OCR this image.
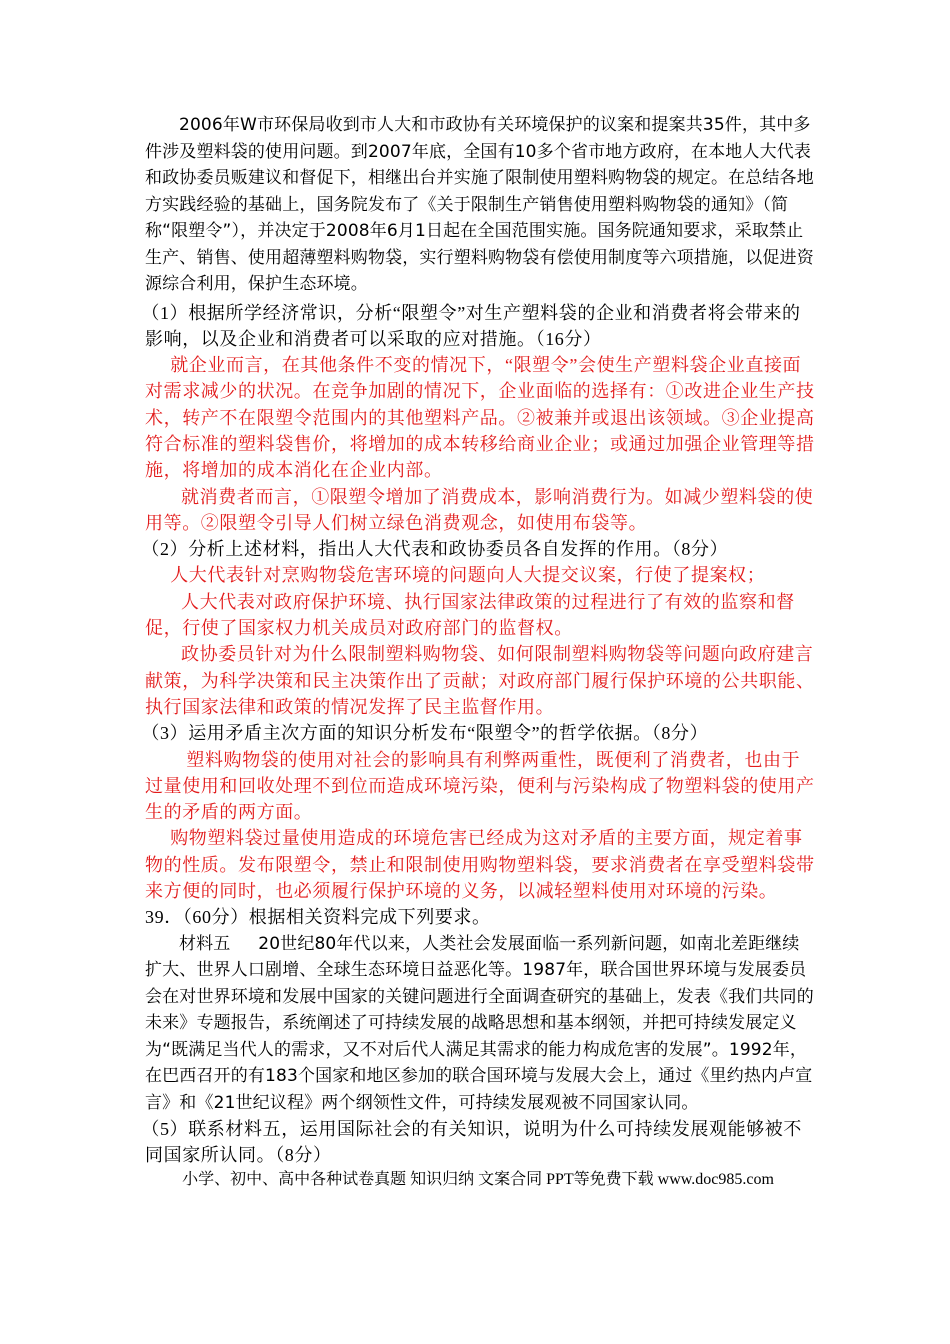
2006年W市环保局收到市人大和市政协有关环境保护的议案和提案共35件，其中多件涉及塑料袋的使用问题。到2007年底，全国有10多个省市地方政府，在本地人大代表和政协委员贩建议和督促下，相继出台并实施了限制使用塑料购物袋的规定。在总结各地方实践经验的基础上，国务院发布了《关于限制生产销售使用塑料购物袋的通知》（简称“限塑令”），并决定于2008年6月1日起在全国范围实施。国务院通知要求，采取禁止生产、销售、使用超薄塑料购物袋，实行塑料购物袋有偿使用制度等六项措施，以促进资源综合利用，保护生态环境。

（1）根据所学经济常识，分析“限塑令”对生产塑料袋的企业和消费者将会带来的影响，以及企业和消费者可以采取的应对措施。（16分）

就企业而言，在其他条件不变的情况下，“限塑令”会使生产塑料袋企业直接面对需求减少的状况。在竞争加剧的情况下，企业面临的选择有：①改进企业生产技术，转产不在限塑令范围内的其他塑料产品。②被兼并或退出该领域。③企业提高符合标准的塑料袋售价，将增加的成本转移给商业企业；或通过加强企业管理等措施，将增加的成本消化在企业内部。

就消费者而言，①限塑令增加了消费成本，影响消费行为。如减少塑料袋的使用等。②限塑令引导人们树立绿色消费观念，如使用布袋等。

（2）分析上述材料，指出人大代表和政协委员各自发挥的作用。（8分）

人大代表针对烹购物袋危害环境的问题向人大提交议案，行使了提案权；

人大代表对政府保护环境、执行国家法律政策的过程进行了有效的监察和督促，行使了国家权力机关成员对政府部门的监督权。

政协委员针对为什么限制塑料购物袋、如何限制塑料购物袋等问题向政府建言献策，为科学决策和民主决策作出了贡献；对政府部门履行保护环境的公共职能、执行国家法律和政策的情况发挥了民主监督作用。

（3）运用矛盾主次方面的知识分析发布“限塑令”的哲学依据。（8分）

塑料购物袋的使用对社会的影响具有利弊两重性，既便利了消费者，也由于过量使用和回收处理不到位而造成环境污染，便利与污染构成了物塑料袋的使用产生的矛盾的两方面。

购物塑料袋过量使用造成的环境危害已经成为这对矛盾的主要方面，规定着事物的性质。发布限塑令，禁止和限制使用购物塑料袋，要求消费者在享受塑料袋带来方便的同时，也必须履行保护环境的义务，以减轻塑料使用对环境的污染。

39．（60分）根据相关资料完成下列要求。

材料五 20世纪80年代以来，人类社会发展面临一系列新问题，如南北差距继续扩大、世界人口剧增、全球生态环境日益恶化等。1987年，联合国世界环境与发展委员会在对世界环境和发展中国家的关键问题进行全面调查研究的基础上，发表《我们共同的未来》专题报告，系统阐述了可持续发展的战略思想和基本纲领，并把可持续发展定义为“既满足当代人的需求，又不对后代人满足其需求的能力构成危害的发展”。1992年，在巴西召开的有183个国家和地区参加的联合国环境与发展大会上，通过《里约热内卢宣言》和《21世纪议程》两个纲领性文件，可持续发展观被不同国家认同。

（5）联系材料五，运用国际社会的有关知识，说明为什么可持续发展观能够被不同国家所认同。（8分）

小学、初中、高中各种试卷真题 知识归纳 文案合同 PPT等免费下载 www.doc985.com
